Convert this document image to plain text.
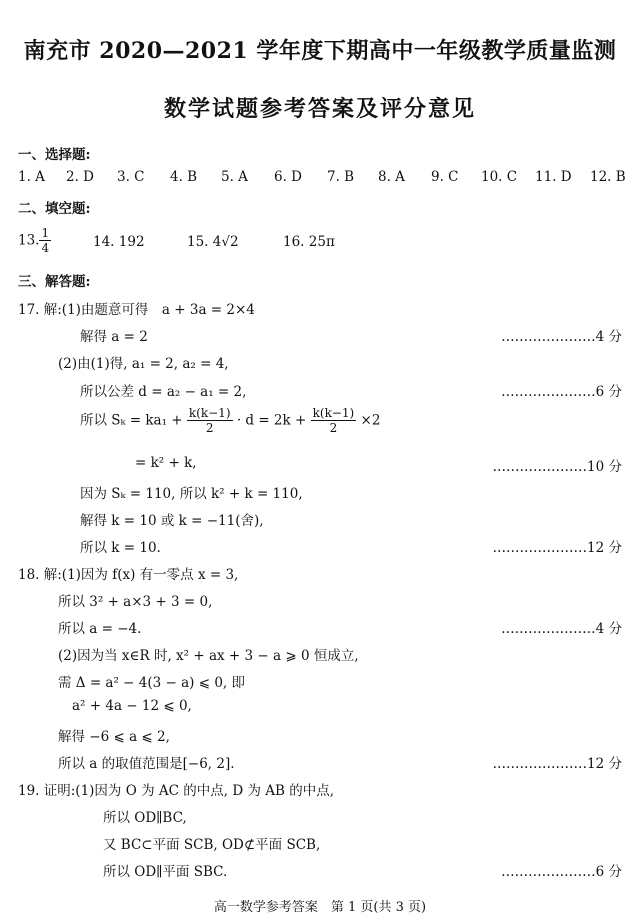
南充市 2020—2021 学年度下期高中一年级教学质量监测
数学试题参考答案及评分意见
一、选择题:
1. A 2. D 3. C 4. B 5. A 6. D 7. B 8. A 9. C 10. C 11. D 12. B
二、填空题:
13. $\frac{1}{4}$	14. 192	15. 4√2	16. 25π
三、解答题:
17. 解:(1)由题意可得　a + 3a = 2×4
解得 a = 2	…………………4 分
(2)由(1)得, a₁ = 2, a₂ = 4,
所以公差 d = a₂ − a₁ = 2,	…………………6 分
所以 $S_k = ka_1 + \frac{k(k-1)}{2} \cdot d = 2k + \frac{k(k-1)}{2} \times 2$
= k² + k,	…………………10 分
因为 Sₖ = 110, 所以 k² + k = 110,
解得 k = 10 或 k = −11(舍),
所以 k = 10.	…………………12 分
18. 解:(1)因为 f(x) 有一零点 x = 3,
所以 3² + a×3 + 3 = 0,
所以 a = −4.	…………………4 分
(2)因为当 x∈R 时, x² + ax + 3 − a ⩾ 0 恒成立,
需 Δ = a² − 4(3 − a) ⩽ 0, 即
a² + 4a − 12 ⩽ 0,
解得 −6 ⩽ a ⩽ 2,
所以 a 的取值范围是[−6, 2].	…………………12 分
19. 证明:(1)因为 O 为 AC 的中点, D 为 AB 的中点,
所以 OD∥BC,
又 BC⊂平面 SCB, OD⊄平面 SCB,
所以 OD∥平面 SBC.	…………………6 分
高一数学参考答案　第 1 页(共 3 页)
